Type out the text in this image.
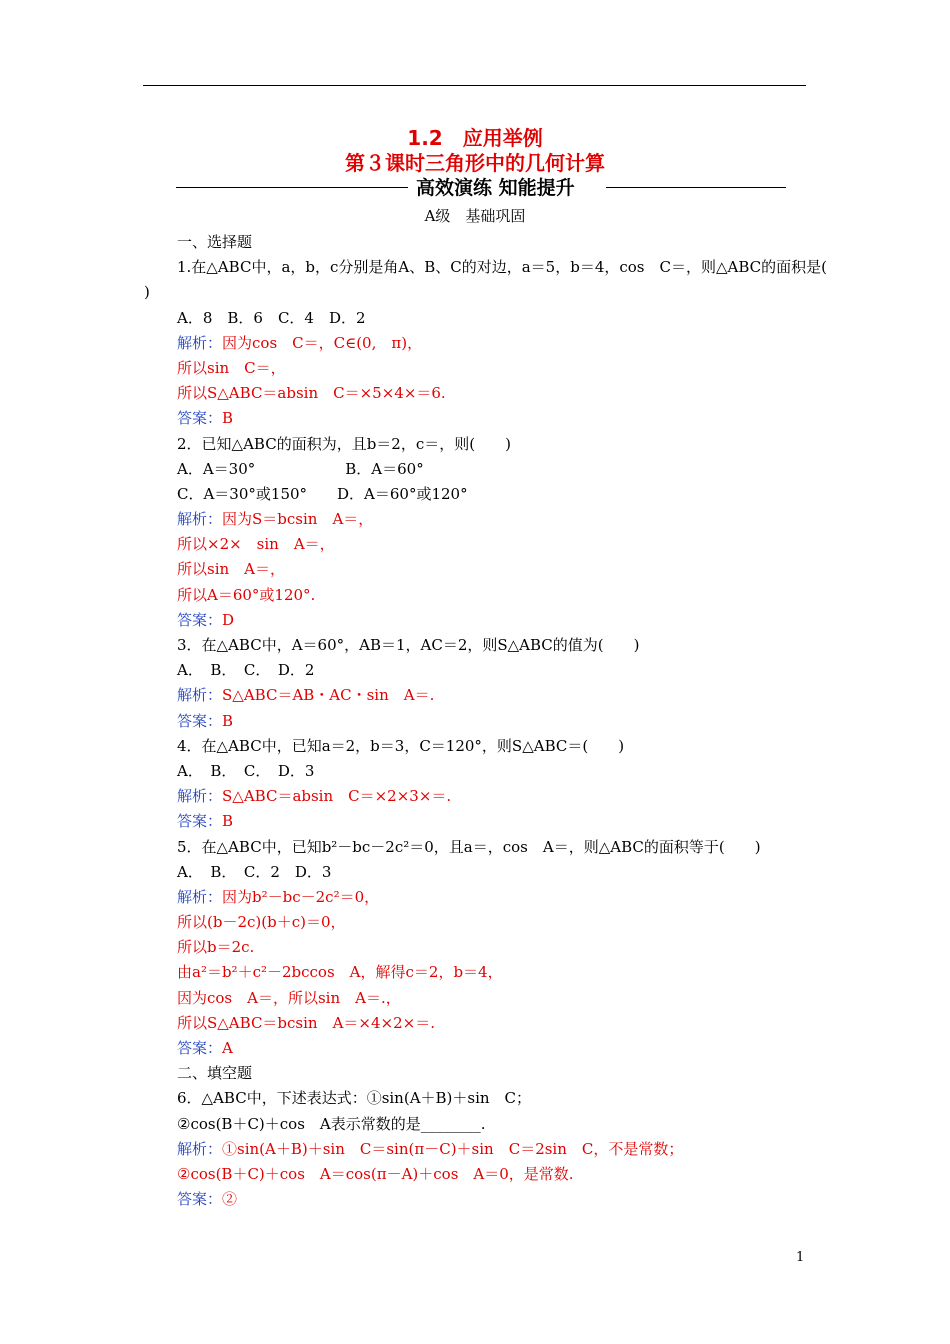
1.2　应用举例
第３课时三角形中的几何计算
高效演练 知能提升
A级　基础巩固
一、选择题
1.在△ABC中，a，b，c分别是角A、B、C的对边，a＝5，b＝4，cos　C＝，则△ABC的面积是(
)
A．8　B．6　C．4　D．2
解析：因为cos　C＝，C∈(0,　π)，
所以sin　C＝，
所以S△ABC＝absin　C＝×5×4×＝6.
答案：B
2．已知△ABC的面积为，且b＝2，c＝，则(　　)
A．A＝30°　　　　　　B．A＝60°
C．A＝30°或150°　　D．A＝60°或120°
解析：因为S＝bcsin　A＝，
所以×2×　sin　A＝，
所以sin　A＝，
所以A＝60°或120°.
答案：D
3．在△ABC中，A＝60°，AB＝1，AC＝2，则S△ABC的值为(　　)
A．　B．　C．　D．2
解析：S△ABC＝AB・AC・sin　A＝.
答案：B
4．在△ABC中，已知a＝2，b＝3，C＝120°，则S△ABC＝(　　)
A．　B．　C．　D．3
解析：S△ABC＝absin　C＝×2×3×＝.
答案：B
5．在△ABC中，已知b²－bc－2c²＝0，且a＝，cos　A＝，则△ABC的面积等于(　　)
A．　B．　C．2　D．3
解析：因为b²－bc－2c²＝0，
所以(b－2c)(b＋c)＝0，
所以b＝2c.
由a²＝b²＋c²－2bccos　A，解得c＝2，b＝4，
因为cos　A＝，所以sin　A＝.，
所以S△ABC＝bcsin　A＝×4×2×＝.
答案：A
二、填空题
6．△ABC中，下述表达式：①sin(A＋B)＋sin　C；
②cos(B＋C)＋cos　A表示常数的是________.
解析：①sin(A＋B)＋sin　C＝sin(π－C)＋sin　C＝2sin　C，不是常数；
②cos(B＋C)＋cos　A＝cos(π－A)＋cos　A＝0，是常数.
答案：②
1
